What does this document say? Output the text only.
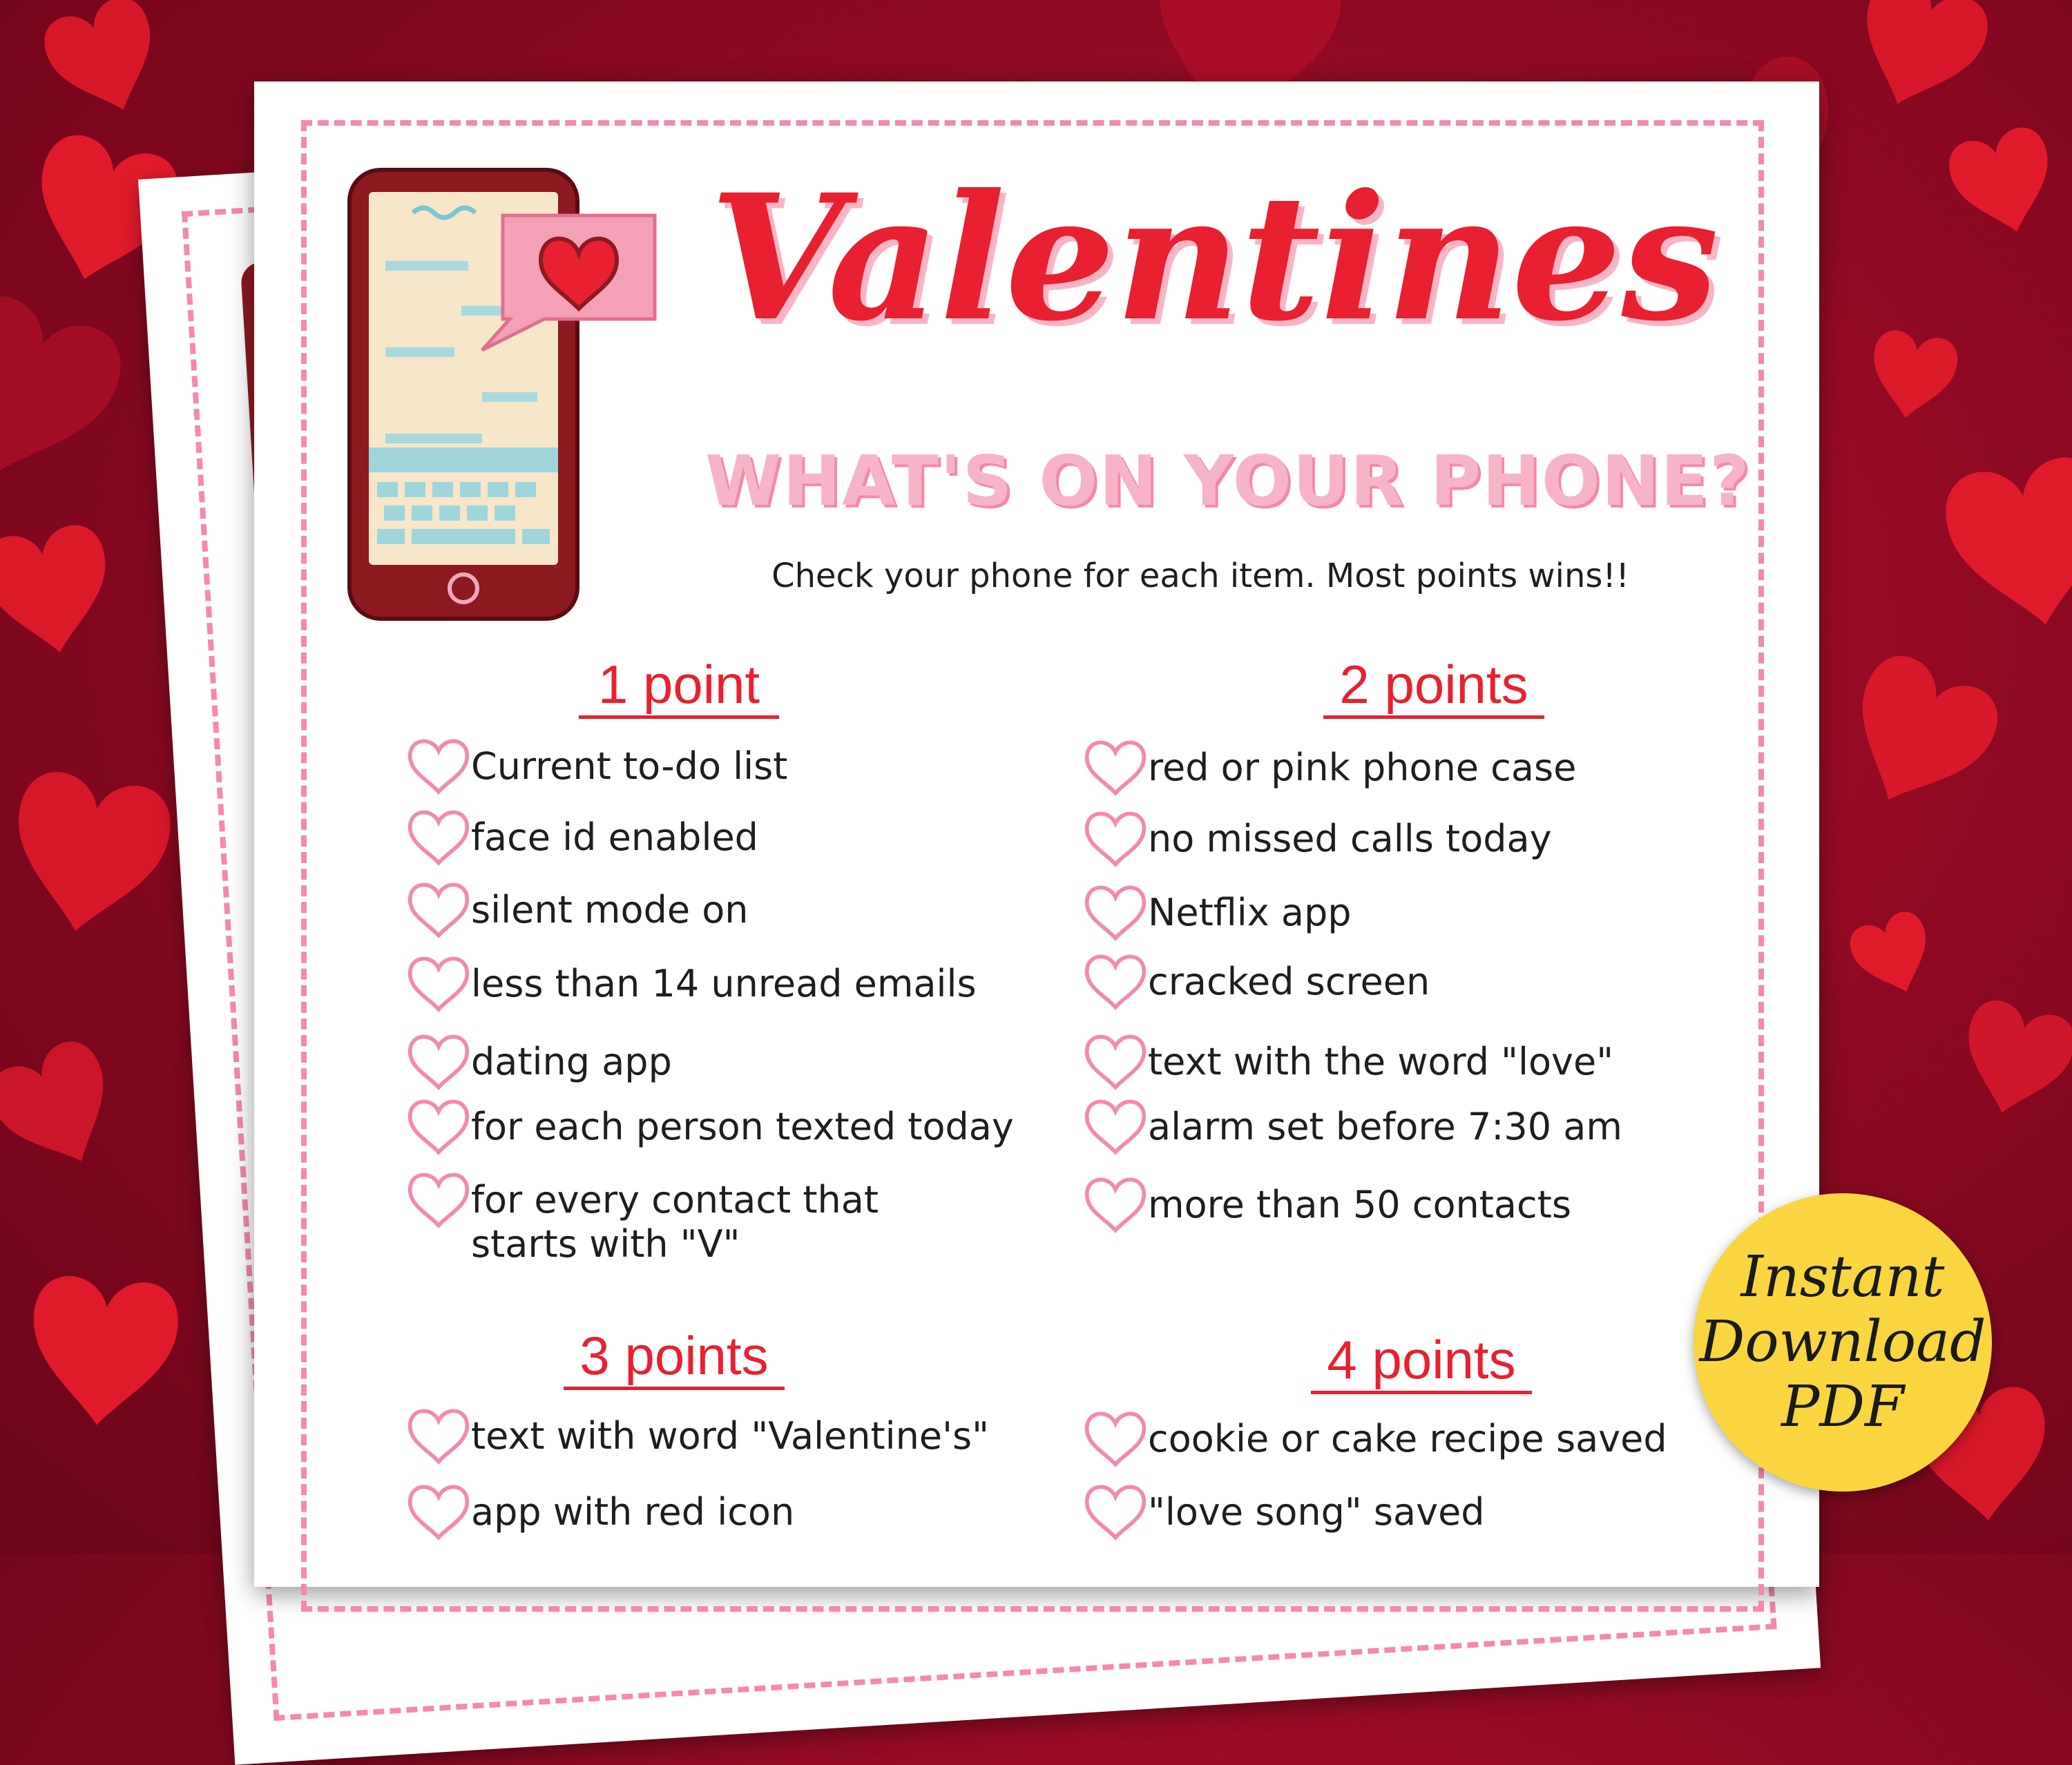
Valentines
WHAT'S ON YOUR PHONE?
Check your phone for each item. Most points wins!!
1 point
Current to-do list
face id enabled
silent mode on
less than 14 unread emails
dating app
for each person texted today
for every contact that
starts with "V"
2 points
red or pink phone case
no missed calls today
Netflix app
cracked screen
text with the word "love"
alarm set before 7:30 am
more than 50 contacts
3 points
text with word "Valentine's"
app with red icon
4 points
cookie or cake recipe saved
"love song" saved
Instant
Download
PDF
